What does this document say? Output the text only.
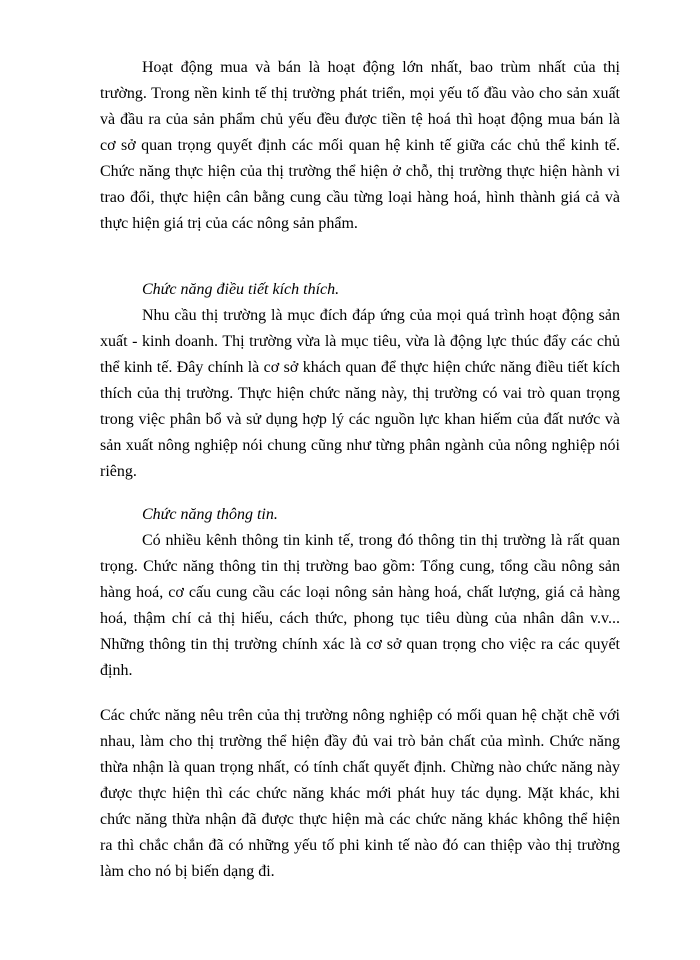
Hoạt động mua và bán là hoạt động lớn nhất, bao trùm nhất của thị trường. Trong nền kinh tế thị trường phát triển, mọi yếu tố đầu vào cho sản xuất và đầu ra của sản phẩm chủ yếu đều được tiền tệ hoá thì hoạt động mua bán là cơ sở quan trọng quyết định các mối quan hệ kinh tế giữa các chủ thể kinh tế. Chức năng thực hiện của thị trường thể hiện ở chỗ, thị trường thực hiện hành vi trao đổi, thực hiện cân bằng cung cầu từng loại hàng hoá, hình thành giá cả và thực hiện giá trị của các nông sản phẩm.

Chức năng điều tiết kích thích.

Nhu cầu thị trường là mục đích đáp ứng của mọi quá trình hoạt động sản xuất - kinh doanh. Thị trường vừa là mục tiêu, vừa là động lực thúc đẩy các chủ thể kinh tế. Đây chính là cơ sở khách quan để thực hiện chức năng điều tiết kích thích của thị trường. Thực hiện chức năng này, thị trường có vai trò quan trọng trong việc phân bổ và sử dụng hợp lý các nguồn lực khan hiếm của đất nước và sản xuất nông nghiệp nói chung cũng như từng phân ngành của nông nghiệp nói riêng.

Chức năng thông tin.

Có nhiều kênh thông tin kinh tế, trong đó thông tin thị trường là rất quan trọng. Chức năng thông tin thị trường bao gồm: Tổng cung, tổng cầu nông sản hàng hoá, cơ cấu cung cầu các loại nông sản hàng hoá, chất lượng, giá cả hàng hoá, thậm chí cả thị hiếu, cách thức, phong tục tiêu dùng của nhân dân v.v... Những thông tin thị trường chính xác là cơ sở quan trọng cho việc ra các quyết định.

Các chức năng nêu trên của thị trường nông nghiệp có mối quan hệ chặt chẽ với nhau, làm cho thị trường thể hiện đầy đủ vai trò bản chất của mình. Chức năng thừa nhận là quan trọng nhất, có tính chất quyết định. Chừng nào chức năng này được thực hiện thì các chức năng khác mới phát huy tác dụng. Mặt khác, khi chức năng thừa nhận đã được thực hiện mà các chức năng khác không thể hiện ra thì chắc chắn đã có những yếu tố phi kinh tế nào đó can thiệp vào thị trường làm cho nó bị biến dạng đi.
